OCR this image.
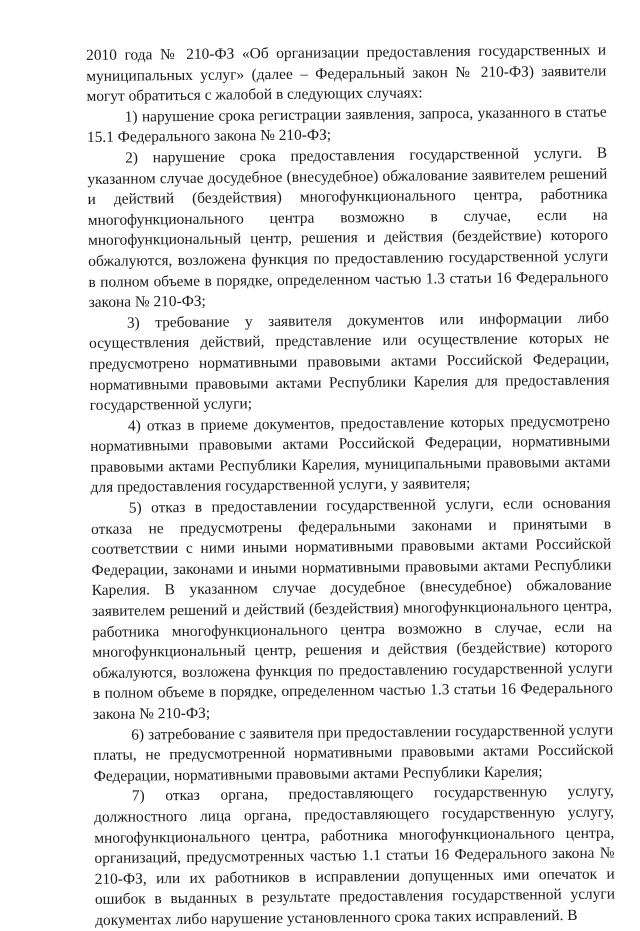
2010 года № 210-ФЗ «Об организации предоставления государственных и муниципальных услуг» (далее – Федеральный закон № 210-ФЗ) заявители могут обратиться с жалобой в следующих случаях:

1) нарушение срока регистрации заявления, запроса, указанного в статье 15.1 Федерального закона № 210-ФЗ;

2) нарушение срока предоставления государственной услуги. В указанном случае досудебное (внесудебное) обжалование заявителем решений и действий (бездействия) многофункционального центра, работника многофункционального центра возможно в случае, если на многофункциональный центр, решения и действия (бездействие) которого обжалуются, возложена функция по предоставлению государственной услуги в полном объеме в порядке, определенном частью 1.3 статьи 16 Федерального закона № 210-ФЗ;

3) требование у заявителя документов или информации либо осуществления действий, представление или осуществление которых не предусмотрено нормативными правовыми актами Российской Федерации, нормативными правовыми актами Республики Карелия для предоставления государственной услуги;

4) отказ в приеме документов, предоставление которых предусмотрено нормативными правовыми актами Российской Федерации, нормативными правовыми актами Республики Карелия, муниципальными правовыми актами для предоставления государственной услуги, у заявителя;

5) отказ в предоставлении государственной услуги, если основания отказа не предусмотрены федеральными законами и принятыми в соответствии с ними иными нормативными правовыми актами Российской Федерации, законами и иными нормативными правовыми актами Республики Карелия. В указанном случае досудебное (внесудебное) обжалование заявителем решений и действий (бездействия) многофункционального центра, работника многофункционального центра возможно в случае, если на многофункциональный центр, решения и действия (бездействие) которого обжалуются, возложена функция по предоставлению государственной услуги в полном объеме в порядке, определенном частью 1.3 статьи 16 Федерального закона № 210-ФЗ;

6) затребование с заявителя при предоставлении государственной услуги платы, не предусмотренной нормативными правовыми актами Российской Федерации, нормативными правовыми актами Республики Карелия;

7) отказ органа, предоставляющего государственную услугу, должностного лица органа, предоставляющего государственную услугу, многофункционального центра, работника многофункционального центра, организаций, предусмотренных частью 1.1 статьи 16 Федерального закона № 210-ФЗ, или их работников в исправлении допущенных ими опечаток и ошибок в выданных в результате предоставления государственной услуги документах либо нарушение установленного срока таких исправлений. В
